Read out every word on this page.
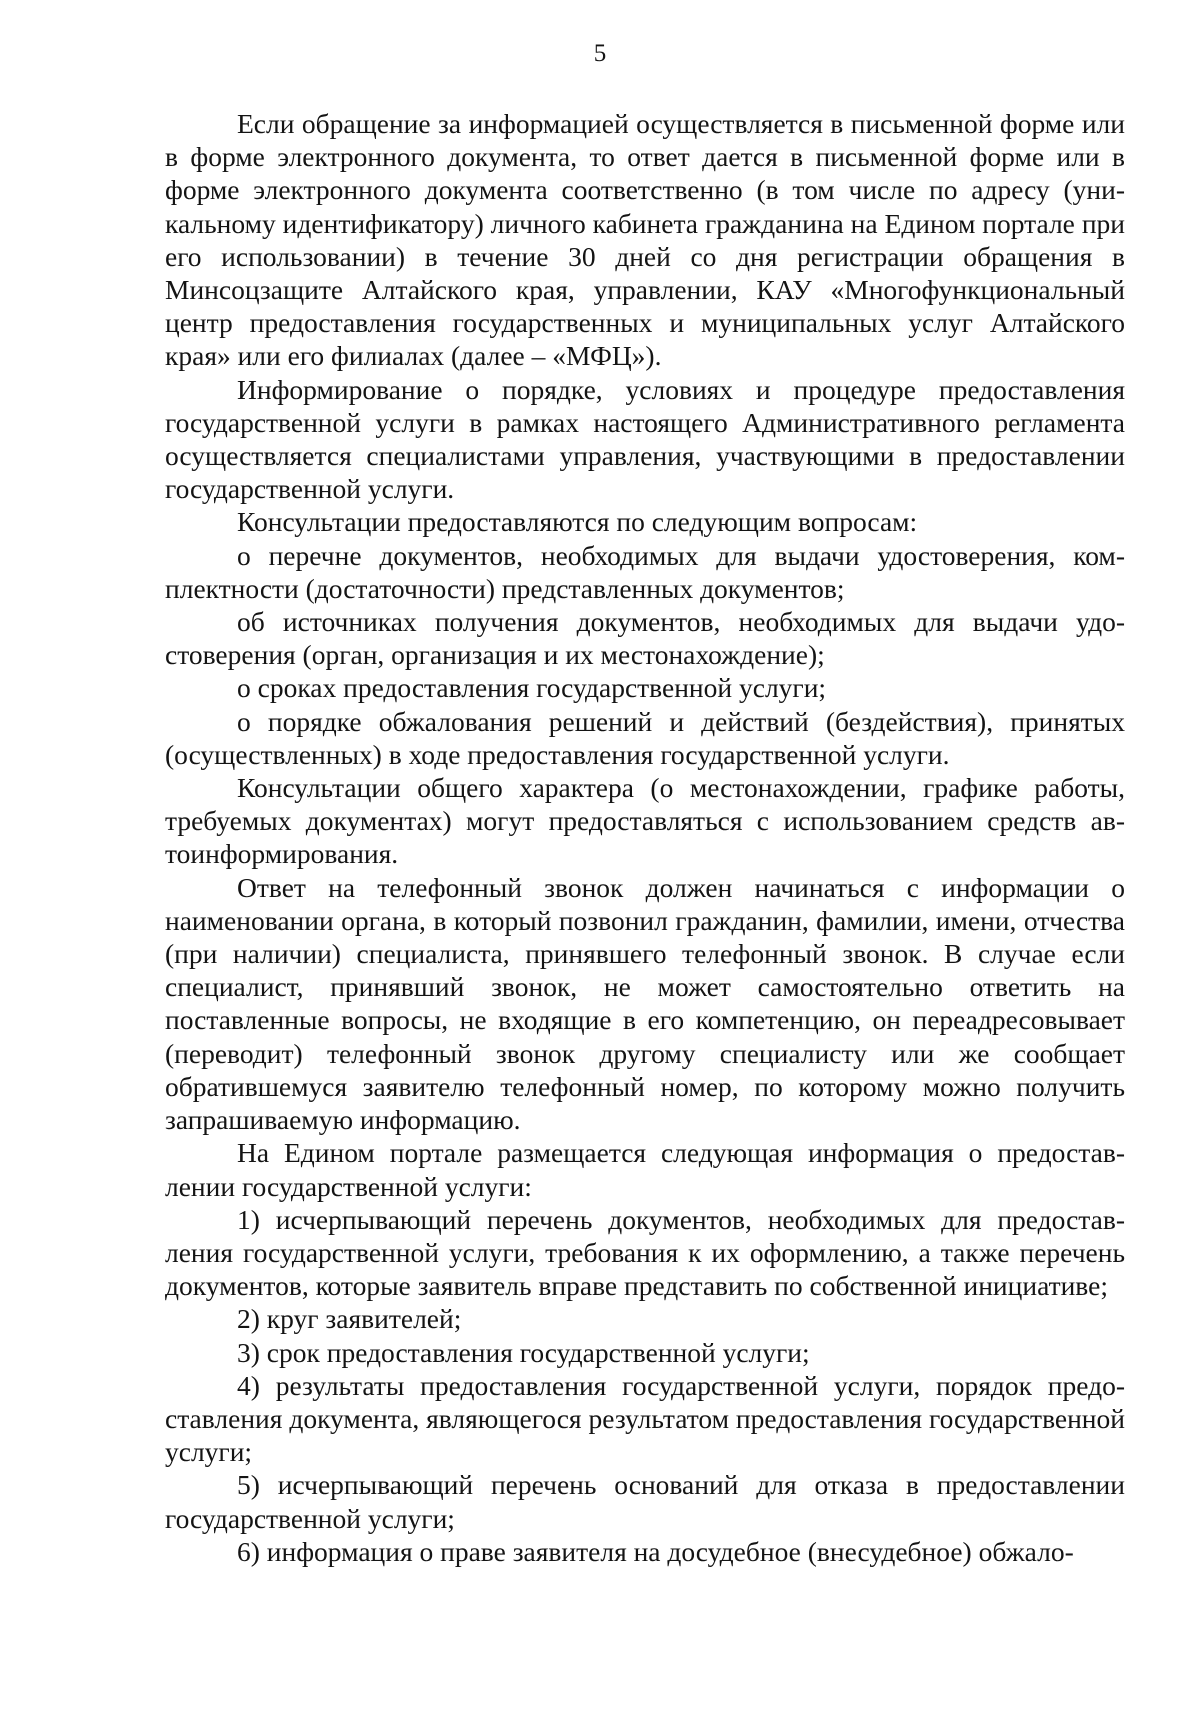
5

Если обращение за информацией осуществляется в письменной форме или в форме электронного документа, то ответ дается в письменной форме или в форме электронного документа соответственно (в том числе по адресу (уникальному идентификатору) личного кабинета гражданина на Едином портале при его использовании) в течение 30 дней со дня регистрации обращения в Минсоцзащите Алтайского края, управлении, КАУ «Многофункциональный центр предоставления государственных и муниципальных услуг Алтайского края» или его филиалах (далее – «МФЦ»).

Информирование о порядке, условиях и процедуре предоставления государственной услуги в рамках настоящего Административного регламента осуществляется специалистами управления, участвующими в предоставлении государственной услуги.

Консультации предоставляются по следующим вопросам:

о перечне документов, необходимых для выдачи удостоверения, комплектности (достаточности) представленных документов;

об источниках получения документов, необходимых для выдачи удостоверения (орган, организация и их местонахождение);

о сроках предоставления государственной услуги;

о порядке обжалования решений и действий (бездействия), принятых (осуществленных) в ходе предоставления государственной услуги.

Консультации общего характера (о местонахождении, графике работы, требуемых документах) могут предоставляться с использованием средств автоинформирования.

Ответ на телефонный звонок должен начинаться с информации о наименовании органа, в который позвонил гражданин, фамилии, имени, отчества (при наличии) специалиста, принявшего телефонный звонок. В случае если специалист, принявший звонок, не может самостоятельно ответить на поставленные вопросы, не входящие в его компетенцию, он переадресовывает (переводит) телефонный звонок другому специалисту или же сообщает обратившемуся заявителю телефонный номер, по которому можно получить запрашиваемую информацию.

На Едином портале размещается следующая информация о предоставлении государственной услуги:

1) исчерпывающий перечень документов, необходимых для предоставления государственной услуги, требования к их оформлению, а также перечень документов, которые заявитель вправе представить по собственной инициативе;

2) круг заявителей;

3) срок предоставления государственной услуги;

4) результаты предоставления государственной услуги, порядок предоставления документа, являющегося результатом предоставления государственной услуги;

5) исчерпывающий перечень оснований для отказа в предоставлении государственной услуги;

6) информация о праве заявителя на досудебное (внесудебное) обжало-
